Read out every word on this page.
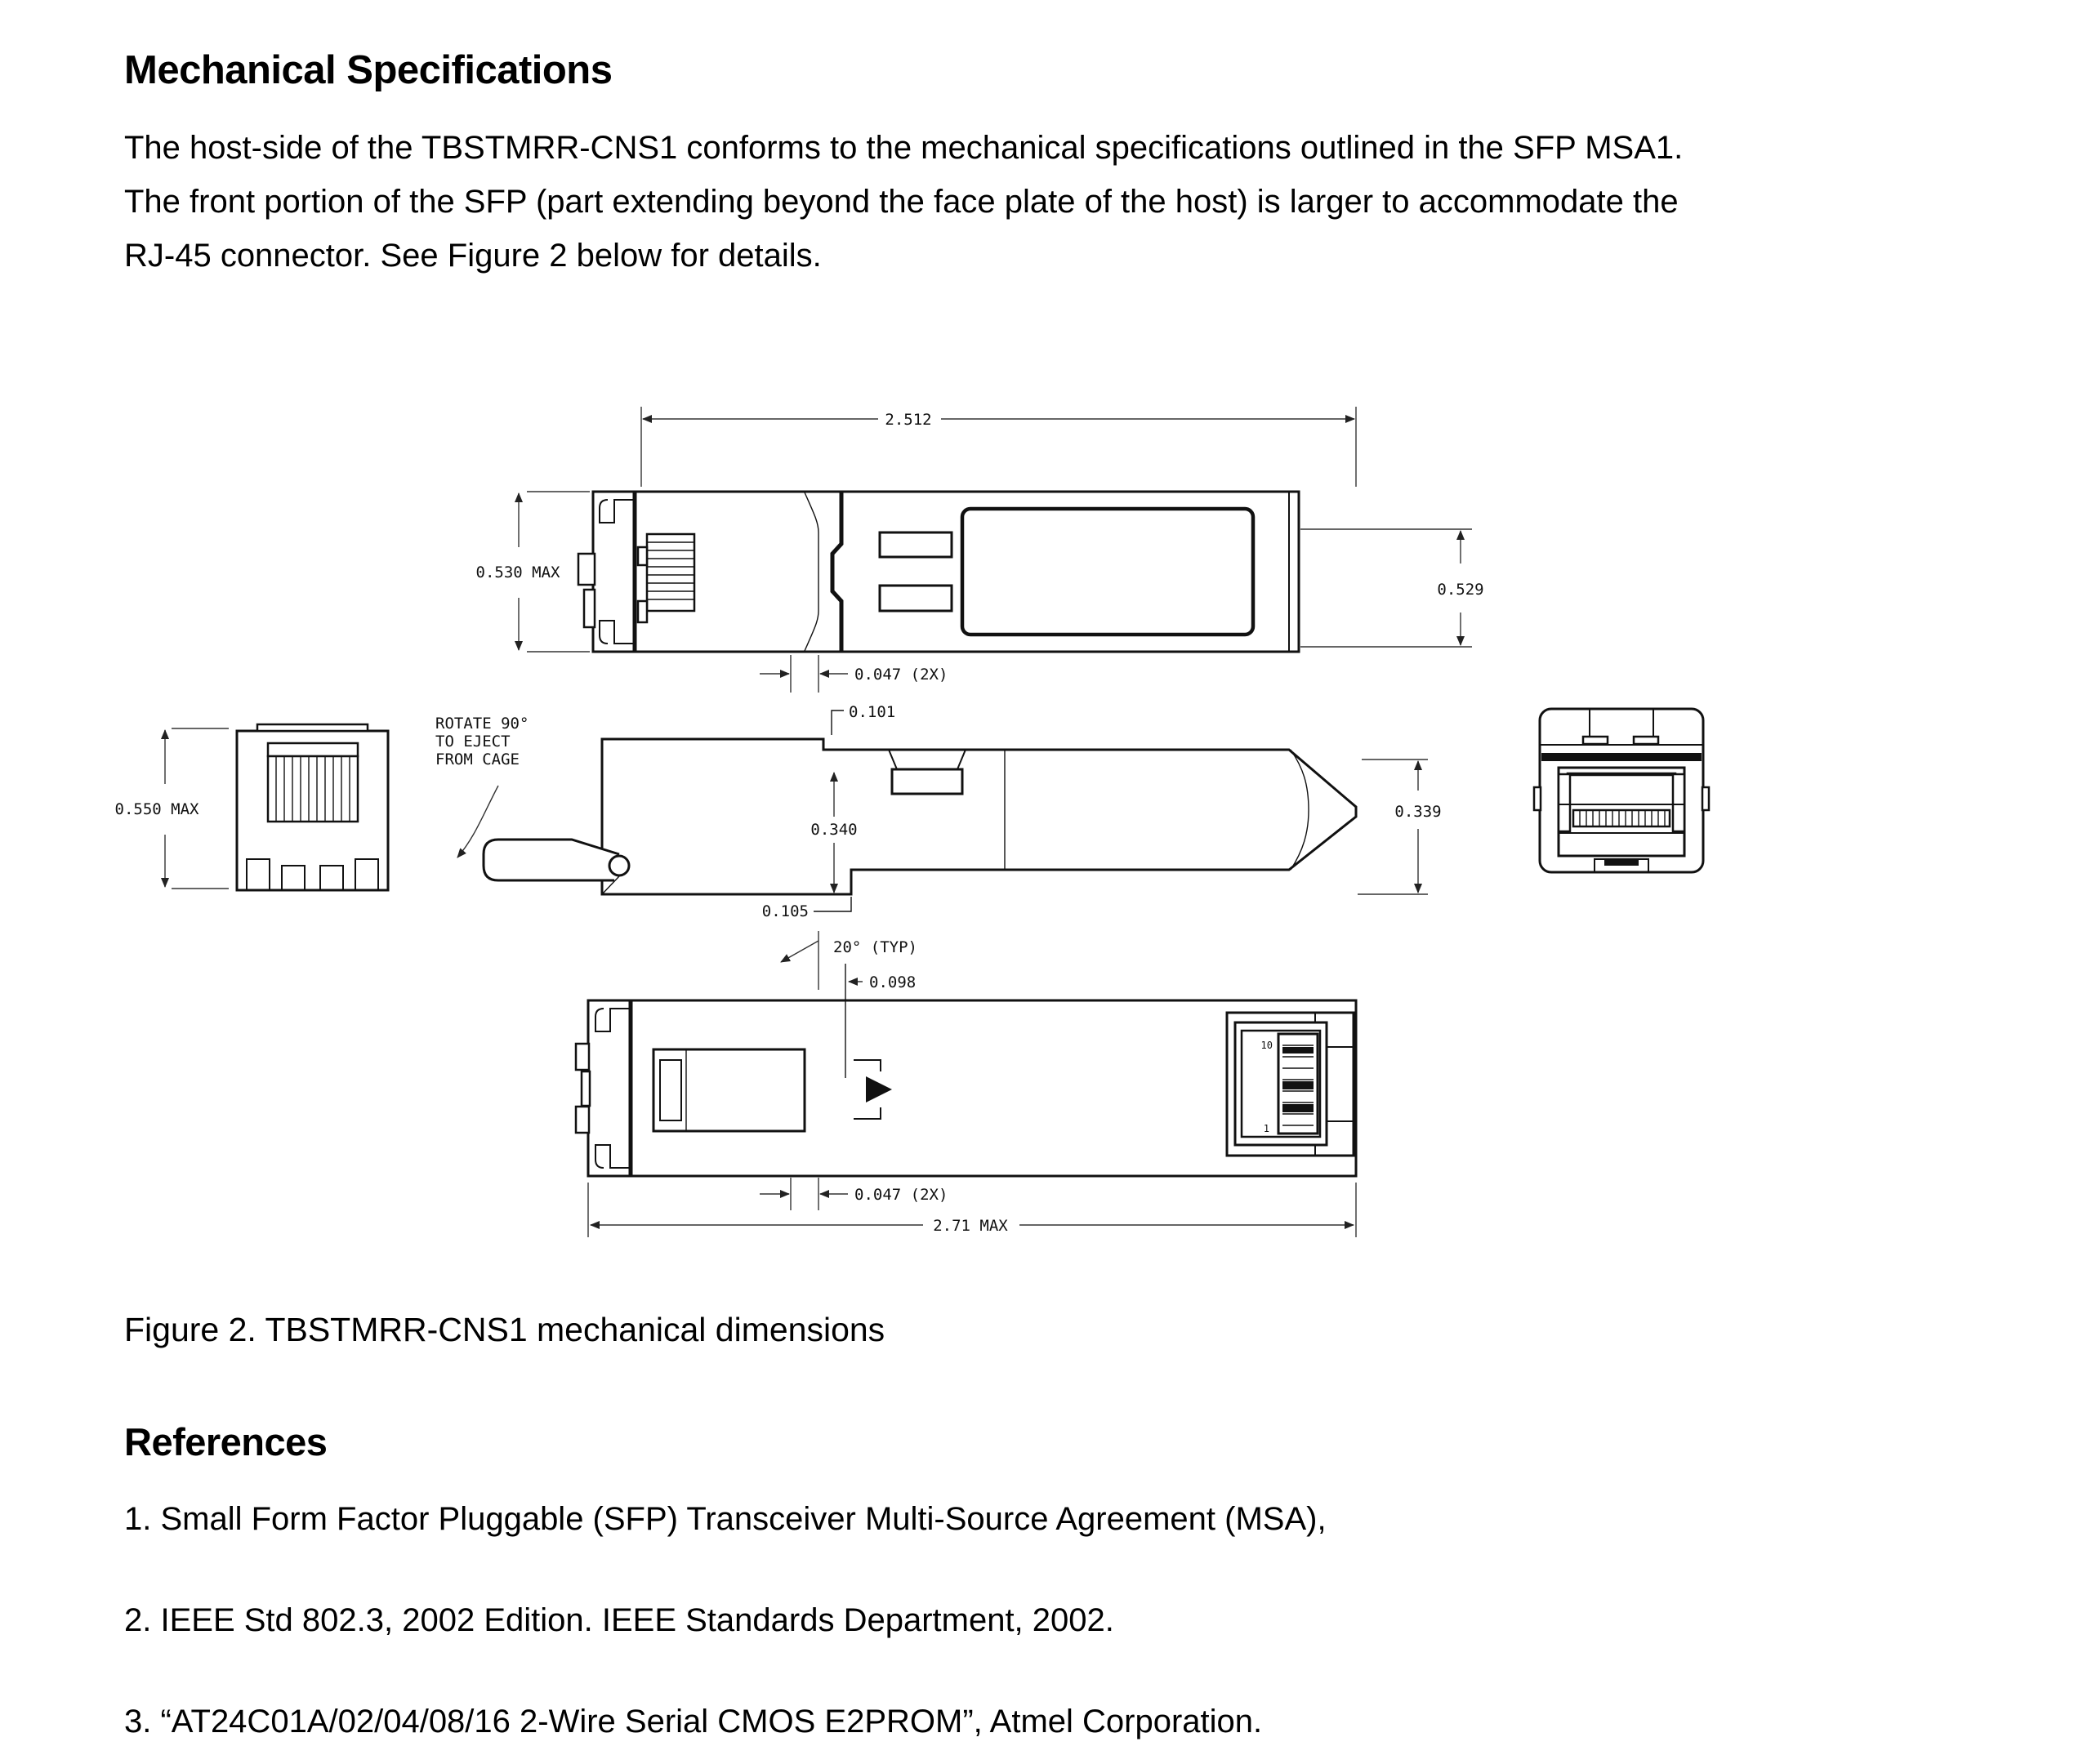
Mechanical Specifications
The host-side of the TBSTMRR-CNS1 conforms to the mechanical specifications outlined in the SFP MSA1.
The front portion of the SFP (part extending beyond the face plate of the host) is larger to accommodate the
RJ-45 connector. See Figure 2 below for details.
2.512
0.530 MAX
0.529
0.047 (2X)
0.101
0.550 MAX
ROTATE 90°
TO EJECT
FROM CAGE
0.340
0.339
0.105
10
1
20° (TYP)
0.098
0.047 (2X)
2.71 MAX
Figure 2. TBSTMRR-CNS1 mechanical dimensions
References
1. Small Form Factor Pluggable (SFP) Transceiver Multi-Source Agreement (MSA),
2. IEEE Std 802.3, 2002 Edition. IEEE Standards Department, 2002.
3. “AT24C01A/02/04/08/16 2-Wire Serial CMOS E2PROM”, Atmel Corporation.
